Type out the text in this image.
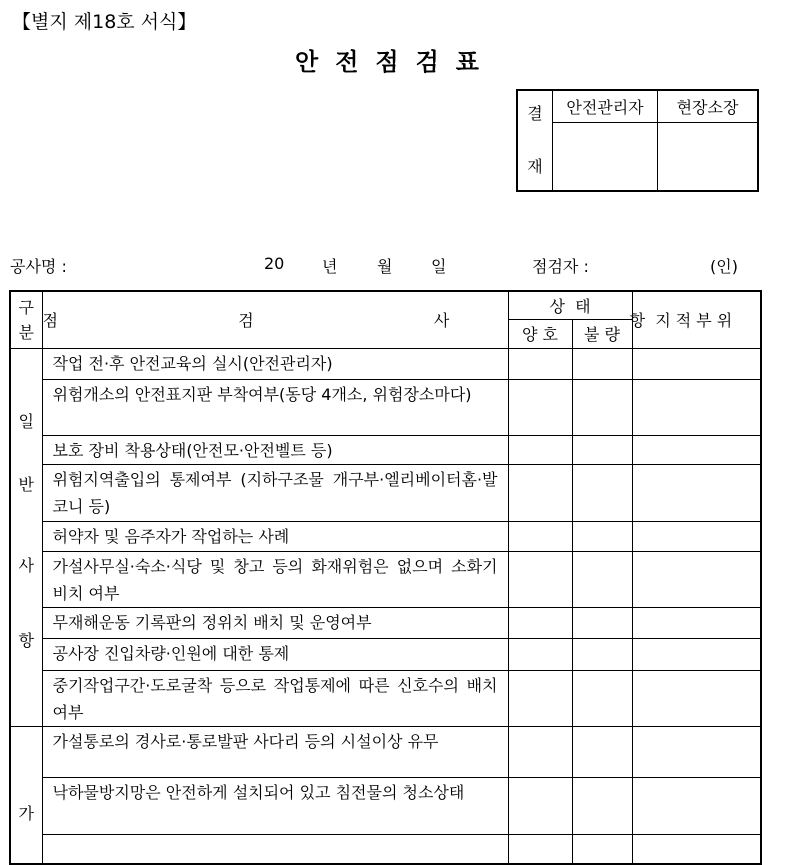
【별지 제18호 서식】
안전점검표
결
재	안전관리자	현장소장

공사명 :	20 년 월 일	점검자 :	(인)
구분	점   검   사   항	상  태		지적부위
		양 호	불 량	

일
반
사
항	작업 전·후 안전교육의 실시(안전관리자)			
	위험개소의 안전표지판 부착여부(동당 4개소, 위험장소마다)			
	보호 장비 착용상태(안전모·안전벨트 등)			
	위험지역출입의 통제여부 (지하구조물 개구부·엘리베이터홈·발코니 등)			
	허약자 및 음주자가 작업하는 사례			
	가설사무실·숙소·식당 및 창고 등의 화재위험은 없으며 소화기 비치 여부			
	무재해운동 기록판의 정위치 배치 및 운영여부			
	공사장 진입차량·인원에 대한 통제			
	중기작업구간·도로굴착 등으로 작업통제에 따른 신호수의 배치 여부			

가	가설통로의 경사로·통로발판 사다리 등의 시설이상 유무			
	낙하물방지망은 안전하게 설치되어 있고 침전물의 청소상태			
